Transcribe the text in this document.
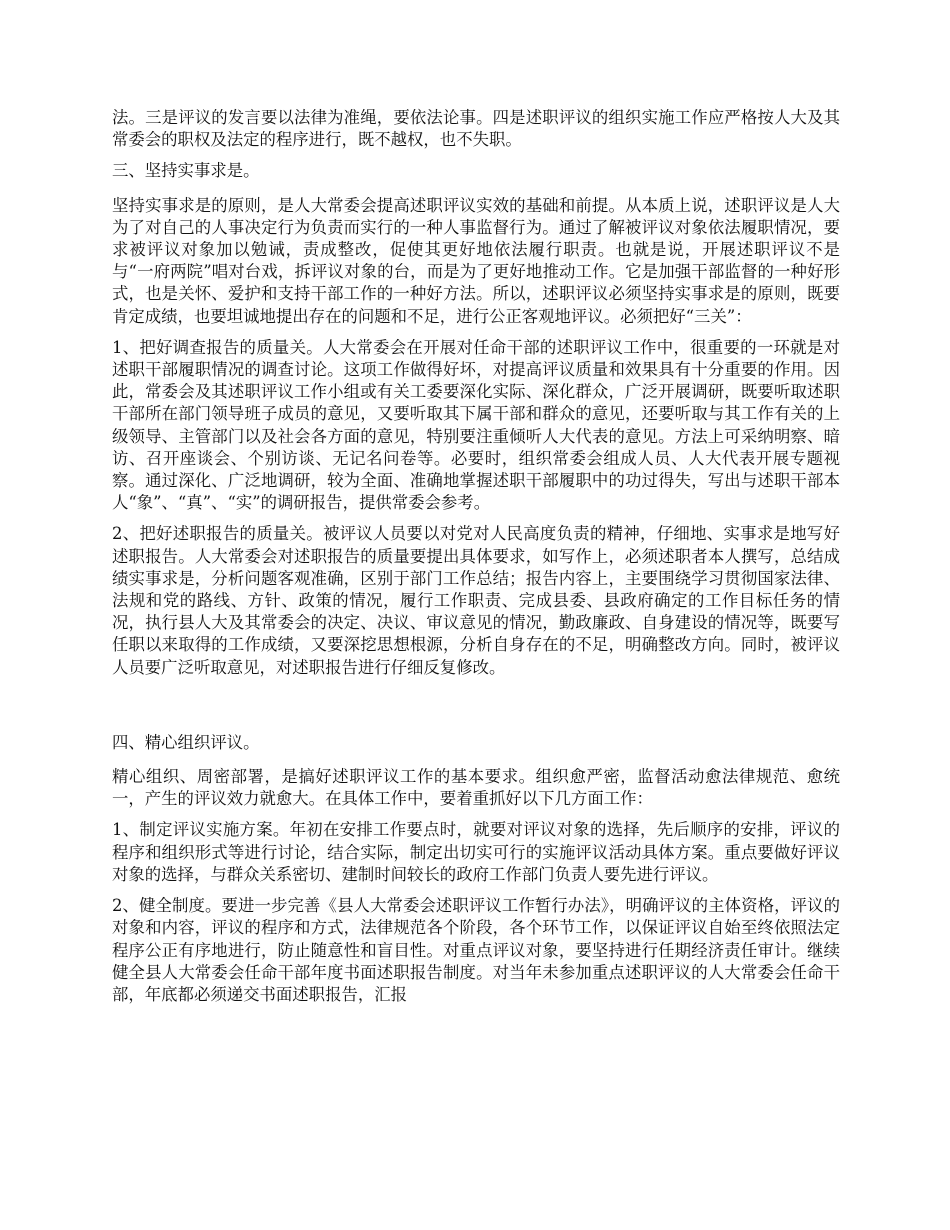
法。三是评议的发言要以法律为准绳，要依法论事。四是述职评议的组织实施工作应严格按人大及其常委会的职权及法定的程序进行，既不越权，也不失职。

三、坚持实事求是。

坚持实事求是的原则，是人大常委会提高述职评议实效的基础和前提。从本质上说，述职评议是人大为了对自己的人事决定行为负责而实行的一种人事监督行为。通过了解被评议对象依法履职情况，要求被评议对象加以勉诫，责成整改，促使其更好地依法履行职责。也就是说，开展述职评议不是与“一府两院”唱对台戏，拆评议对象的台，而是为了更好地推动工作。它是加强干部监督的一种好形式，也是关怀、爱护和支持干部工作的一种好方法。所以，述职评议必须坚持实事求是的原则，既要肯定成绩，也要坦诚地提出存在的问题和不足，进行公正客观地评议。必须把好“三关”：

1、把好调查报告的质量关。人大常委会在开展对任命干部的述职评议工作中，很重要的一环就是对述职干部履职情况的调查讨论。这项工作做得好坏，对提高评议质量和效果具有十分重要的作用。因此，常委会及其述职评议工作小组或有关工委要深化实际、深化群众，广泛开展调研，既要听取述职干部所在部门领导班子成员的意见，又要听取其下属干部和群众的意见，还要听取与其工作有关的上级领导、主管部门以及社会各方面的意见，特别要注重倾听人大代表的意见。方法上可采纳明察、暗访、召开座谈会、个别访谈、无记名问卷等。必要时，组织常委会组成人员、人大代表开展专题视察。通过深化、广泛地调研，较为全面、准确地掌握述职干部履职中的功过得失，写出与述职干部本人“象”、“真”、“实”的调研报告，提供常委会参考。

2、把好述职报告的质量关。被评议人员要以对党对人民高度负责的精神，仔细地、实事求是地写好述职报告。人大常委会对述职报告的质量要提出具体要求，如写作上，必须述职者本人撰写，总结成绩实事求是，分析问题客观准确，区别于部门工作总结；报告内容上，主要围绕学习贯彻国家法律、法规和党的路线、方针、政策的情况，履行工作职责、完成县委、县政府确定的工作目标任务的情况，执行县人大及其常委会的决定、决议、审议意见的情况，勤政廉政、自身建设的情况等，既要写任职以来取得的工作成绩，又要深挖思想根源，分析自身存在的不足，明确整改方向。同时，被评议人员要广泛听取意见，对述职报告进行仔细反复修改。

四、精心组织评议。

精心组织、周密部署，是搞好述职评议工作的基本要求。组织愈严密，监督活动愈法律规范、愈统一，产生的评议效力就愈大。在具体工作中，要着重抓好以下几方面工作：

1、制定评议实施方案。年初在安排工作要点时，就要对评议对象的选择，先后顺序的安排，评议的程序和组织形式等进行讨论，结合实际，制定出切实可行的实施评议活动具体方案。重点要做好评议对象的选择，与群众关系密切、建制时间较长的政府工作部门负责人要先进行评议。

2、健全制度。要进一步完善《县人大常委会述职评议工作暂行办法》，明确评议的主体资格，评议的对象和内容，评议的程序和方式，法律规范各个阶段，各个环节工作，以保证评议自始至终依照法定程序公正有序地进行，防止随意性和盲目性。对重点评议对象，要坚持进行任期经济责任审计。继续健全县人大常委会任命干部年度书面述职报告制度。对当年未参加重点述职评议的人大常委会任命干部，年底都必须递交书面述职报告，汇报
